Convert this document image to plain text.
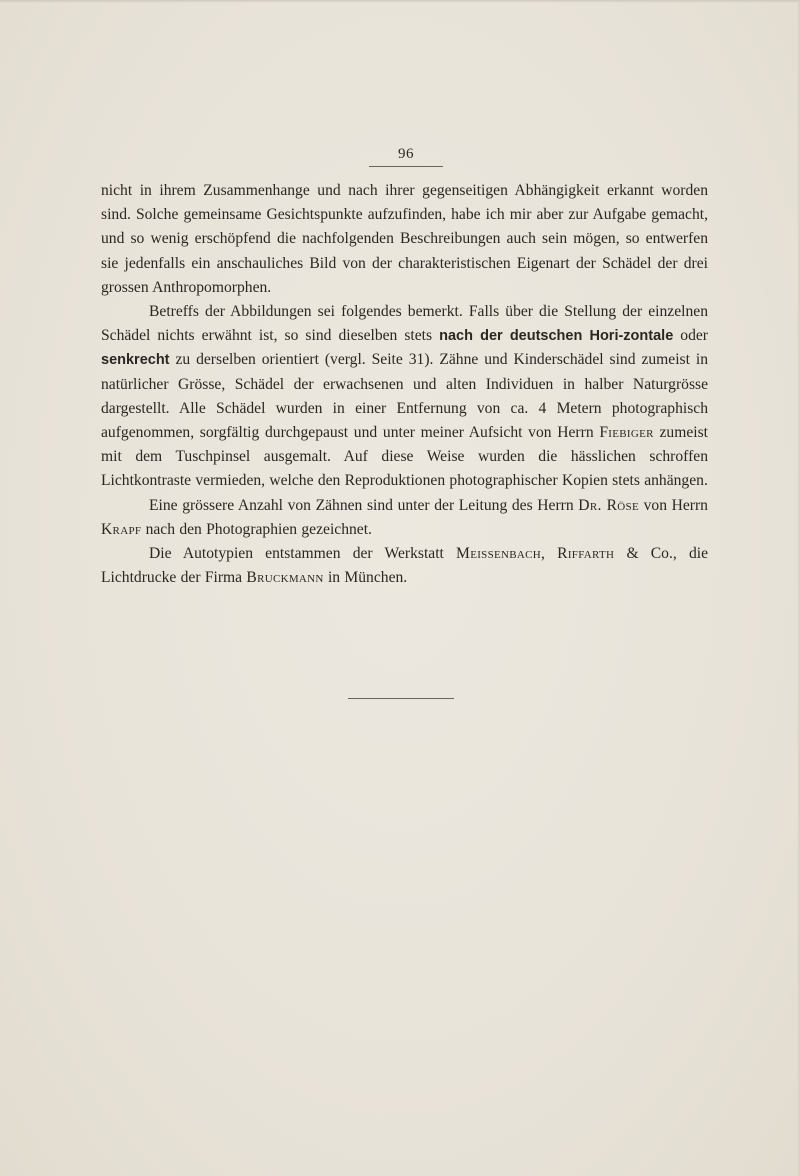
96

nicht in ihrem Zusammenhange und nach ihrer gegenseitigen Abhängigkeit erkannt worden sind. Solche gemeinsame Gesichtspunkte aufzufinden, habe ich mir aber zur Aufgabe gemacht, und so wenig erschöpfend die nachfolgenden Beschreibungen auch sein mögen, so entwerfen sie jedenfalls ein anschauliches Bild von der charakteristischen Eigenart der Schädel der drei grossen Anthropomorphen.

Betreffs der Abbildungen sei folgendes bemerkt. Falls über die Stellung der einzelnen Schädel nichts erwähnt ist, so sind dieselben stets nach der deutschen Hori-zontale oder senkrecht zu derselben orientiert (vergl. Seite 31). Zähne und Kinderschädel sind zumeist in natürlicher Grösse, Schädel der erwachsenen und alten Individuen in halber Naturgrösse dargestellt. Alle Schädel wurden in einer Entfernung von ca. 4 Metern photographisch aufgenommen, sorgfältig durchgepaust und unter meiner Aufsicht von Herrn Fiebiger zumeist mit dem Tuschpinsel ausgemalt. Auf diese Weise wurden die hässlichen schroffen Lichtkontraste vermieden, welche den Reproduktionen photographischer Kopien stets anhängen.

Eine grössere Anzahl von Zähnen sind unter der Leitung des Herrn Dr. Röse von Herrn Krapf nach den Photographien gezeichnet.

Die Autotypien entstammen der Werkstatt Meissenbach, Riffarth & Co., die Lichtdrucke der Firma Bruckmann in München.
